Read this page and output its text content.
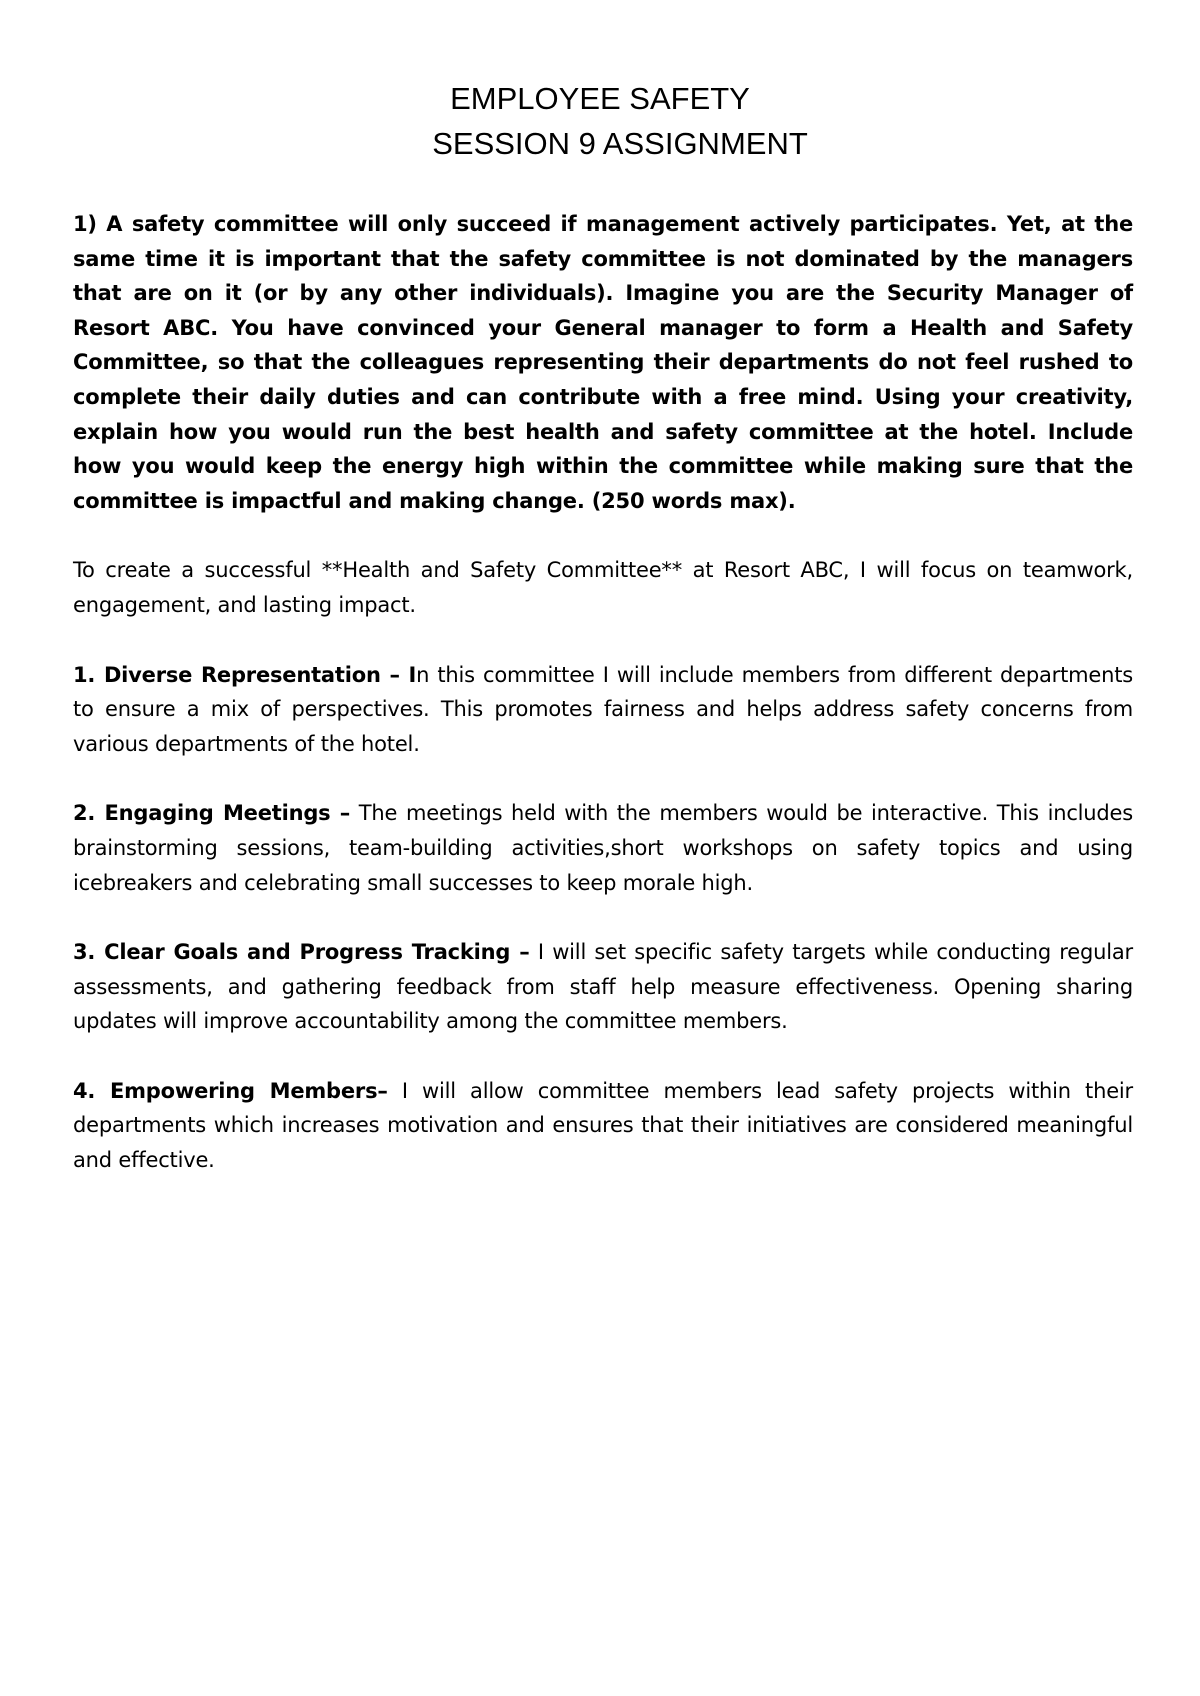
EMPLOYEE SAFETY
SESSION 9 ASSIGNMENT

1) A safety committee will only succeed if management actively participates. Yet, at the same time it is important that the safety committee is not dominated by the managers that are on it (or by any other individuals). Imagine you are the Security Manager of Resort ABC. You have convinced your General manager to form a Health and Safety Committee, so that the colleagues representing their departments do not feel rushed to complete their daily duties and can contribute with a free mind. Using your creativity, explain how you would run the best health and safety committee at the hotel. Include how you would keep the energy high within the committee while making sure that the committee is impactful and making change. (250 words max).

To create a successful **Health and Safety Committee** at Resort ABC, I will focus on teamwork, engagement, and lasting impact.

1. Diverse Representation – In this committee I will include members from different departments to ensure a mix of perspectives. This promotes fairness and helps address safety concerns from various departments of the hotel.

2. Engaging Meetings – The meetings held with the members would be interactive. This includes brainstorming sessions, team-building activities,short workshops on safety topics and using icebreakers and celebrating small successes to keep morale high.

3. Clear Goals and Progress Tracking – I will set specific safety targets while conducting regular assessments, and gathering feedback from staff help measure effectiveness. Opening sharing updates will improve accountability among the committee members.

4. Empowering Members– I will allow committee members lead safety projects within their departments which increases motivation and ensures that their initiatives are considered meaningful and effective.
